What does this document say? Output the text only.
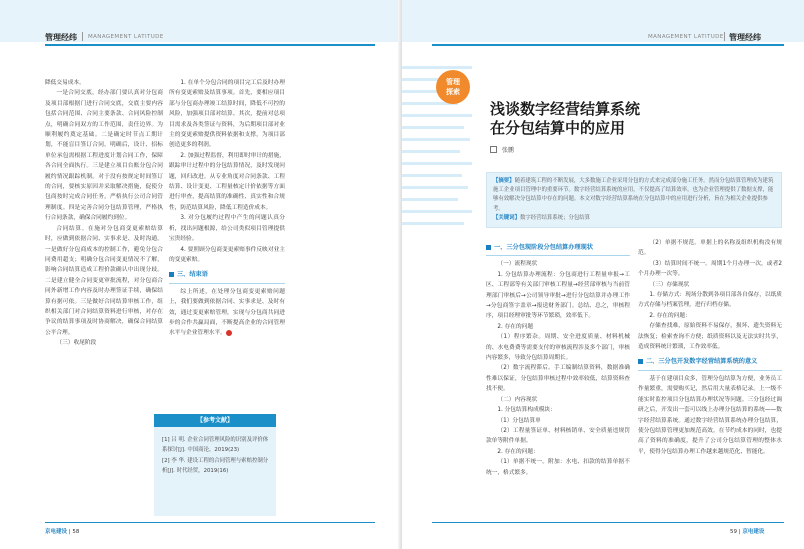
管理经纬 MANAGEMENT LATITUDE

降低交易成本。

一是合同交底。经办部门要认真对分包商及项目部根据门进行合同交底，交底主要内容包括合同范围、合同主要条款、合同风险控制点，明确合同双方的工作范围，责任边界。为顺利履约奠定基础。二是确定时节点工期计划，不能盲目签订合同。明确后，设计、招标单位承包需根据工程进度计划合同工作，保障各合同全面执行。三是建立项目台账分包合同履约情况跟踪机制。对于没有按规定时间签订的合同，要核实原因并采取解决措施，促使分包商按时完成合同任务，严格执行公司合同管理制度。四是完善合同分包结算管理，严格执行合同条款，确保合同履约到位。

合同结算。在施对分包商变更索赔结算时，应做到依据合同、实事求是、及时沟通。一是做好分包商成本的控制工作，避免分包合同费用超支；明确分包合同变更情况不了解，影响合同结算造成工程价款确认中出现分歧。二是建立健全合同变更审批流程，对分包商合同外新增工作内容及时办理签证手续，确保结算有据可依。三是做好合同结算审核工作，组织相关部门对合同结算资料进行审核，对存在争议的结算事项及时协商解决，确保合同结算公平合理。

（三）收尾阶段

1. 在单个分包合同的项目完工后及时办理所有变更索赔及结算事项。首先，要相应项目部与分包商办理竣工结算时间，降低不可控的风险，加强项目部对结算。其次，提前对总项目需求及各类签证与资料，为后期项目部对业主的变更索赔提供资料依据和支撑，为项目部创造更多的利润。

2. 加强过程监督，利用即时审计的措施，跟踪审计过程中的分包结算情况，及时发现问题，回归改进。从专业角度对合同条款、工程结算、设计变更、工程量核定计价依据等方面进行审查，提高结算的准确性、真实性和合规性，防范结算风险，降低工程造价成本。

3. 对分包履约过程中产生的问题认真分析，找出问题根源，给公司类似项目管理提供宝贵经验。

4. 要照顾分包商变更索赔事件反映对业主的变更索赔。

三、结束语

综上所述，在处理分包商变更索赔问题上，我们要做到依据合同、实事求是、及时有效，通过变更索赔管理，实现与分包商共同进步的合作共赢局面，不断提高企业的合同管理水平与企业管理水平。

【参考文献】
[1] 吕 明. 企业合同管理风险的识别及评价体系探讨[J]. 中国商论，2019(23)
[2] 李 华. 建设工程的合同管理与索赔控制分析[J]. 时代经贸，2019(16)
京电建设 | 58
MANAGEMENT LATITUDE 管理经纬
管理
探索
浅谈数字经营结算系统
在分包结算中的应用
张鹏
【摘要】随着建筑工程的不断发展，大多数施工企业采用分包的方式来完成部分施工任务。然而分包结算管理成为建筑施工企业项目管理中的重要环节。数字经营结算系统的应用，不仅提高了结算效率，也为企业管理提供了数据支撑，能够有效解决分包结算中存在的问题。本文对数字经营结算系统在分包结算中的应用进行分析，旨在为相关企业提供参考。
【关键词】数字经营结算系统；分包结算
一、三分包现阶段分包结算办理现状

（一）流程现状

1. 分包结算办理流程：分包商进行工程量申报→工区、工程部等有关部门审核工程量→经营部审核与当前管理部门审核后→公司领导审批→进行分包结算并办理工作→分包商签字盖章→报送财务部门。总结、总之，审核程序，项目经理审批等环节繁琐，效率低下。

2. 存在的问题

（1）程序繁杂。周期、安全进度质量、材料机械的、水电费费等需要支付的审核流程涉及多个部门，审核内容繁多，导致分包结算周期长。

（2）数字流程滞后。手工编制结算资料，数据准确性难以保证，分包结算审核过程中效率较低，结算资料查找不便。

（二）内容现状

1. 分包结算构成模块：

（1）分包结算单

（2）工程量签证单、材料核销单、安全质量违规罚款单等附件单据。

2. 存在的问题：

（1）单据不统一。附加：水电、扣款的结算单据不统一，格式繁多。

（2）单据不规范。单据上的名称及组织机构没有规范。

（3）结算时间不统一。周期1个月办理一次，或者2个月办理一次等。

（三）存储现状

1. 存储方式：现场分散到各项目部各自保存，以纸质方式存储与档案管理，进行归档存储。

2. 存在的问题：

存储查找难，原始资料不易保存，损坏、遗失资料无法恢复；检索查询不方便；纸质资料以及无法实时共享，造成资料统计繁琐，工作效率低。

二、三分包开发数字经营结算系统的意义

基于在建项目众多，管理分包结算为方便，业务员工作量繁重，需要购买记，然后用大量表格记录。上一级不能实时监控项目分包结算办理状况等问题。三分包经过调研之后，开发出一套可以线上办理分包结算的系统——数字经营结算系统。通过数字经营结算系统办理分包结算，使分包结算管理更加规范高效。在节约成本的同时，也提高了资料的准确度，提升了公司分包结算管理的整体水平，使得分包结算办理工作越来越规范化、智能化。

59 | 京电建设
